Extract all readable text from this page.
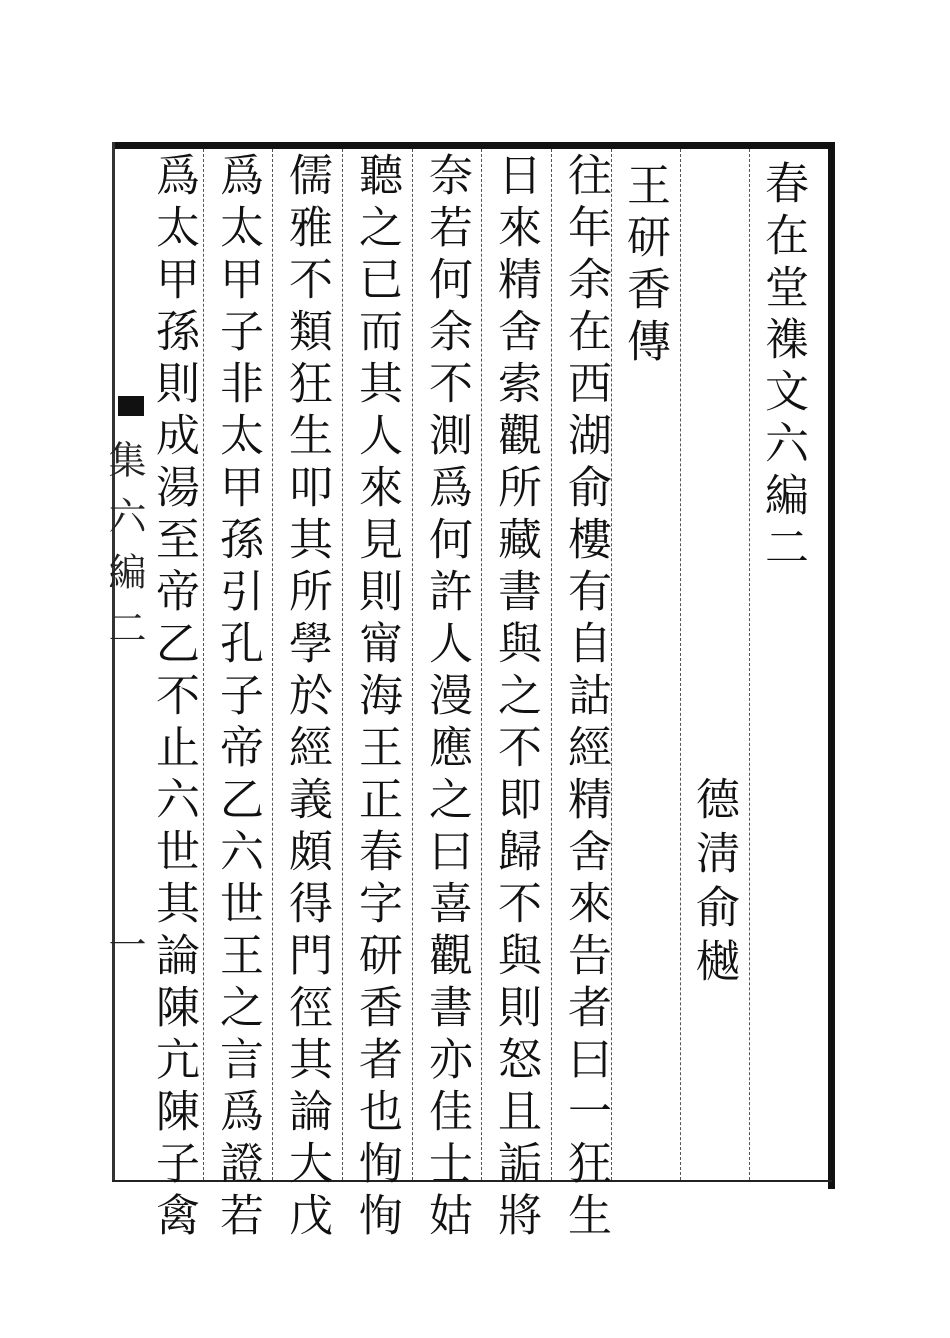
春在堂襍文六編二
德淸俞樾
王研香傳
往年余在西湖俞樓有自詁經精舍來告者曰一狂生
日來精舍索觀所藏書與之不即歸不與則怒且詬將
奈若何余不測爲何許人漫應之曰喜觀書亦佳士姑
聽之已而其人來見則甯海王正春字研香者也恂恂
儒雅不類狂生叩其所學於經義頗得門徑其論大戊
爲太甲子非太甲孫引孔子帝乙六世王之言爲證若
爲太甲孫則成湯至帝乙不止六世其論陳亢陳子禽
集六編二
一
